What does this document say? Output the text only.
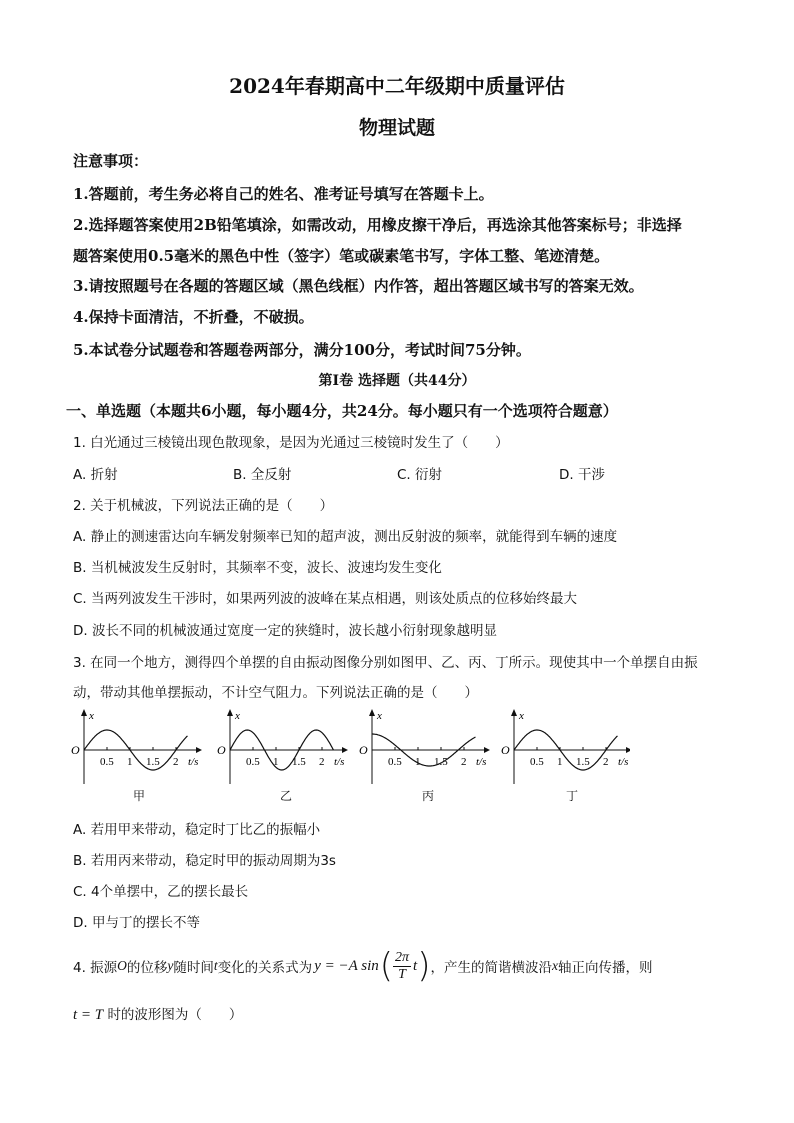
2024年春期高中二年级期中质量评估
物理试题
注意事项：
1.答题前，考生务必将自己的姓名、准考证号填写在答题卡上。
2.选择题答案使用2B铅笔填涂，如需改动，用橡皮擦干净后，再选涂其他答案标号；非选择
题答案使用0.5毫米的黑色中性（签字）笔或碳素笔书写，字体工整、笔迹清楚。
3.请按照题号在各题的答题区域（黑色线框）内作答，超出答题区域书写的答案无效。
4.保持卡面清洁，不折叠，不破损。
5.本试卷分试题卷和答题卷两部分，满分100分，考试时间75分钟。
第Ⅰ卷 选择题（共44分）
一、单选题（本题共6小题，每小题4分，共24分。每小题只有一个选项符合题意）
1. 白光通过三棱镜出现色散现象，是因为光通过三棱镜时发生了（　　）
A. 折射	B. 全反射	C. 衍射	D. 干涉
2. 关于机械波，下列说法正确的是（　　）
A. 静止的测速雷达向车辆发射频率已知的超声波，测出反射波的频率，就能得到车辆的速度
B. 当机械波发生反射时，其频率不变，波长、波速均发生变化
C. 当两列波发生干涉时，如果两列波的波峰在某点相遇，则该处质点的位移始终最大
D. 波长不同的机械波通过宽度一定的狭缝时，波长越小衍射现象越明显
3. 在同一个地方，测得四个单摆的自由振动图像分别如图甲、乙、丙、丁所示。现使其中一个单摆自由振
动，带动其他单摆振动，不计空气阻力。下列说法正确的是（　　）
x
O
t/s
0.5 1 1.5 2
x
O
t/s
0.5 1 1.5 2
x
O
t/s
0.5 1 1.5 2
x
O
t/s
0.5 1 1.5 2
甲	乙	丙	丁
A. 若用甲来带动，稳定时丁比乙的振幅小
B. 若用丙来带动，稳定时甲的振动周期为3s
C. 4个单摆中，乙的摆长最长
D. 甲与丁的摆长不等
4. 振源 O 的位移 y 随时间 t 变化的关系式为 y = −A sin ( $\frac{2\pi}{T}$ t ) ，产生的简谐横波沿 x 轴正向传播，则
t = T 时的波形图为（　　）
